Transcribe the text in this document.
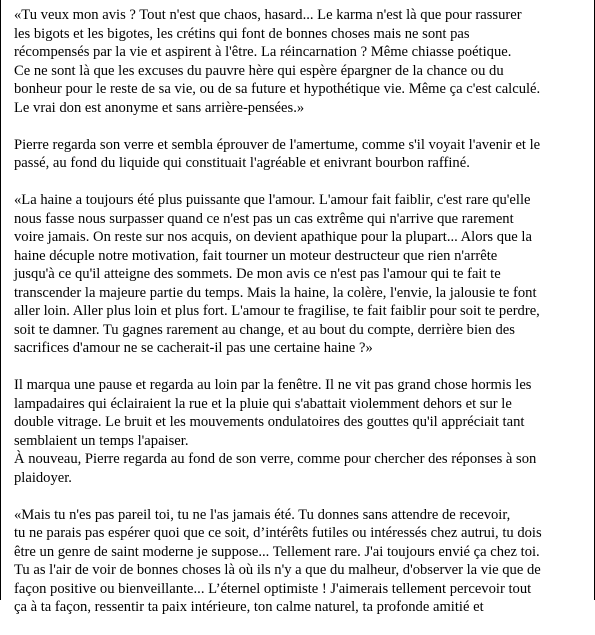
«Tu veux mon avis ? Tout n'est que chaos, hasard... Le karma n'est là que pour rassurer
les bigots et les bigotes, les crétins qui font de bonnes choses mais ne sont pas
récompensés par la vie et aspirent à l'être. La réincarnation ? Même chiasse poétique.
Ce ne sont là que les excuses du pauvre hère qui espère épargner de la chance ou du
bonheur pour le reste de sa vie, ou de sa future et hypothétique vie. Même ça c'est calculé.
Le vrai don est anonyme et sans arrière-pensées.»

Pierre regarda son verre et sembla éprouver de l'amertume, comme s'il voyait l'avenir et le
passé, au fond du liquide qui constituait l'agréable et enivrant bourbon raffiné.

«La haine a toujours été plus puissante que l'amour. L'amour fait faiblir, c'est rare qu'elle
nous fasse nous surpasser quand ce n'est pas un cas extrême qui n'arrive que rarement
voire jamais. On reste sur nos acquis, on devient apathique pour la plupart... Alors que la
haine décuple notre motivation, fait tourner un moteur destructeur que rien n'arrête
jusqu'à ce qu'il atteigne des sommets. De mon avis ce n'est pas l'amour qui te fait te
transcender la majeure partie du temps. Mais la haine, la colère, l'envie, la jalousie te font
aller loin. Aller plus loin et plus fort. L'amour te fragilise, te fait faiblir pour soit te perdre,
soit te damner. Tu gagnes rarement au change, et au bout du compte, derrière bien des
sacrifices d'amour ne se cacherait-il pas une certaine haine ?»

Il marqua une pause et regarda au loin par la fenêtre. Il ne vit pas grand chose hormis les
lampadaires qui éclairaient la rue et la pluie qui s'abattait violemment dehors et sur le
double vitrage. Le bruit et les mouvements ondulatoires des gouttes qu'il appréciait tant
semblaient un temps l'apaiser.
À nouveau, Pierre regarda au fond de son verre, comme pour chercher des réponses à son
plaidoyer.

«Mais tu n'es pas pareil toi, tu ne l'as jamais été. Tu donnes sans attendre de recevoir,
tu ne parais pas espérer quoi que ce soit, d’intérêts futiles ou intéressés chez autrui, tu dois
être un genre de saint moderne je suppose... Tellement rare. J'ai toujours envié ça chez toi.
Tu as l'air de voir de bonnes choses là où ils n'y a que du malheur, d'observer la vie que de
façon positive ou bienveillante... L’éternel optimiste ! J'aimerais tellement percevoir tout
ça à ta façon, ressentir ta paix intérieure, ton calme naturel, ta profonde amitié et
